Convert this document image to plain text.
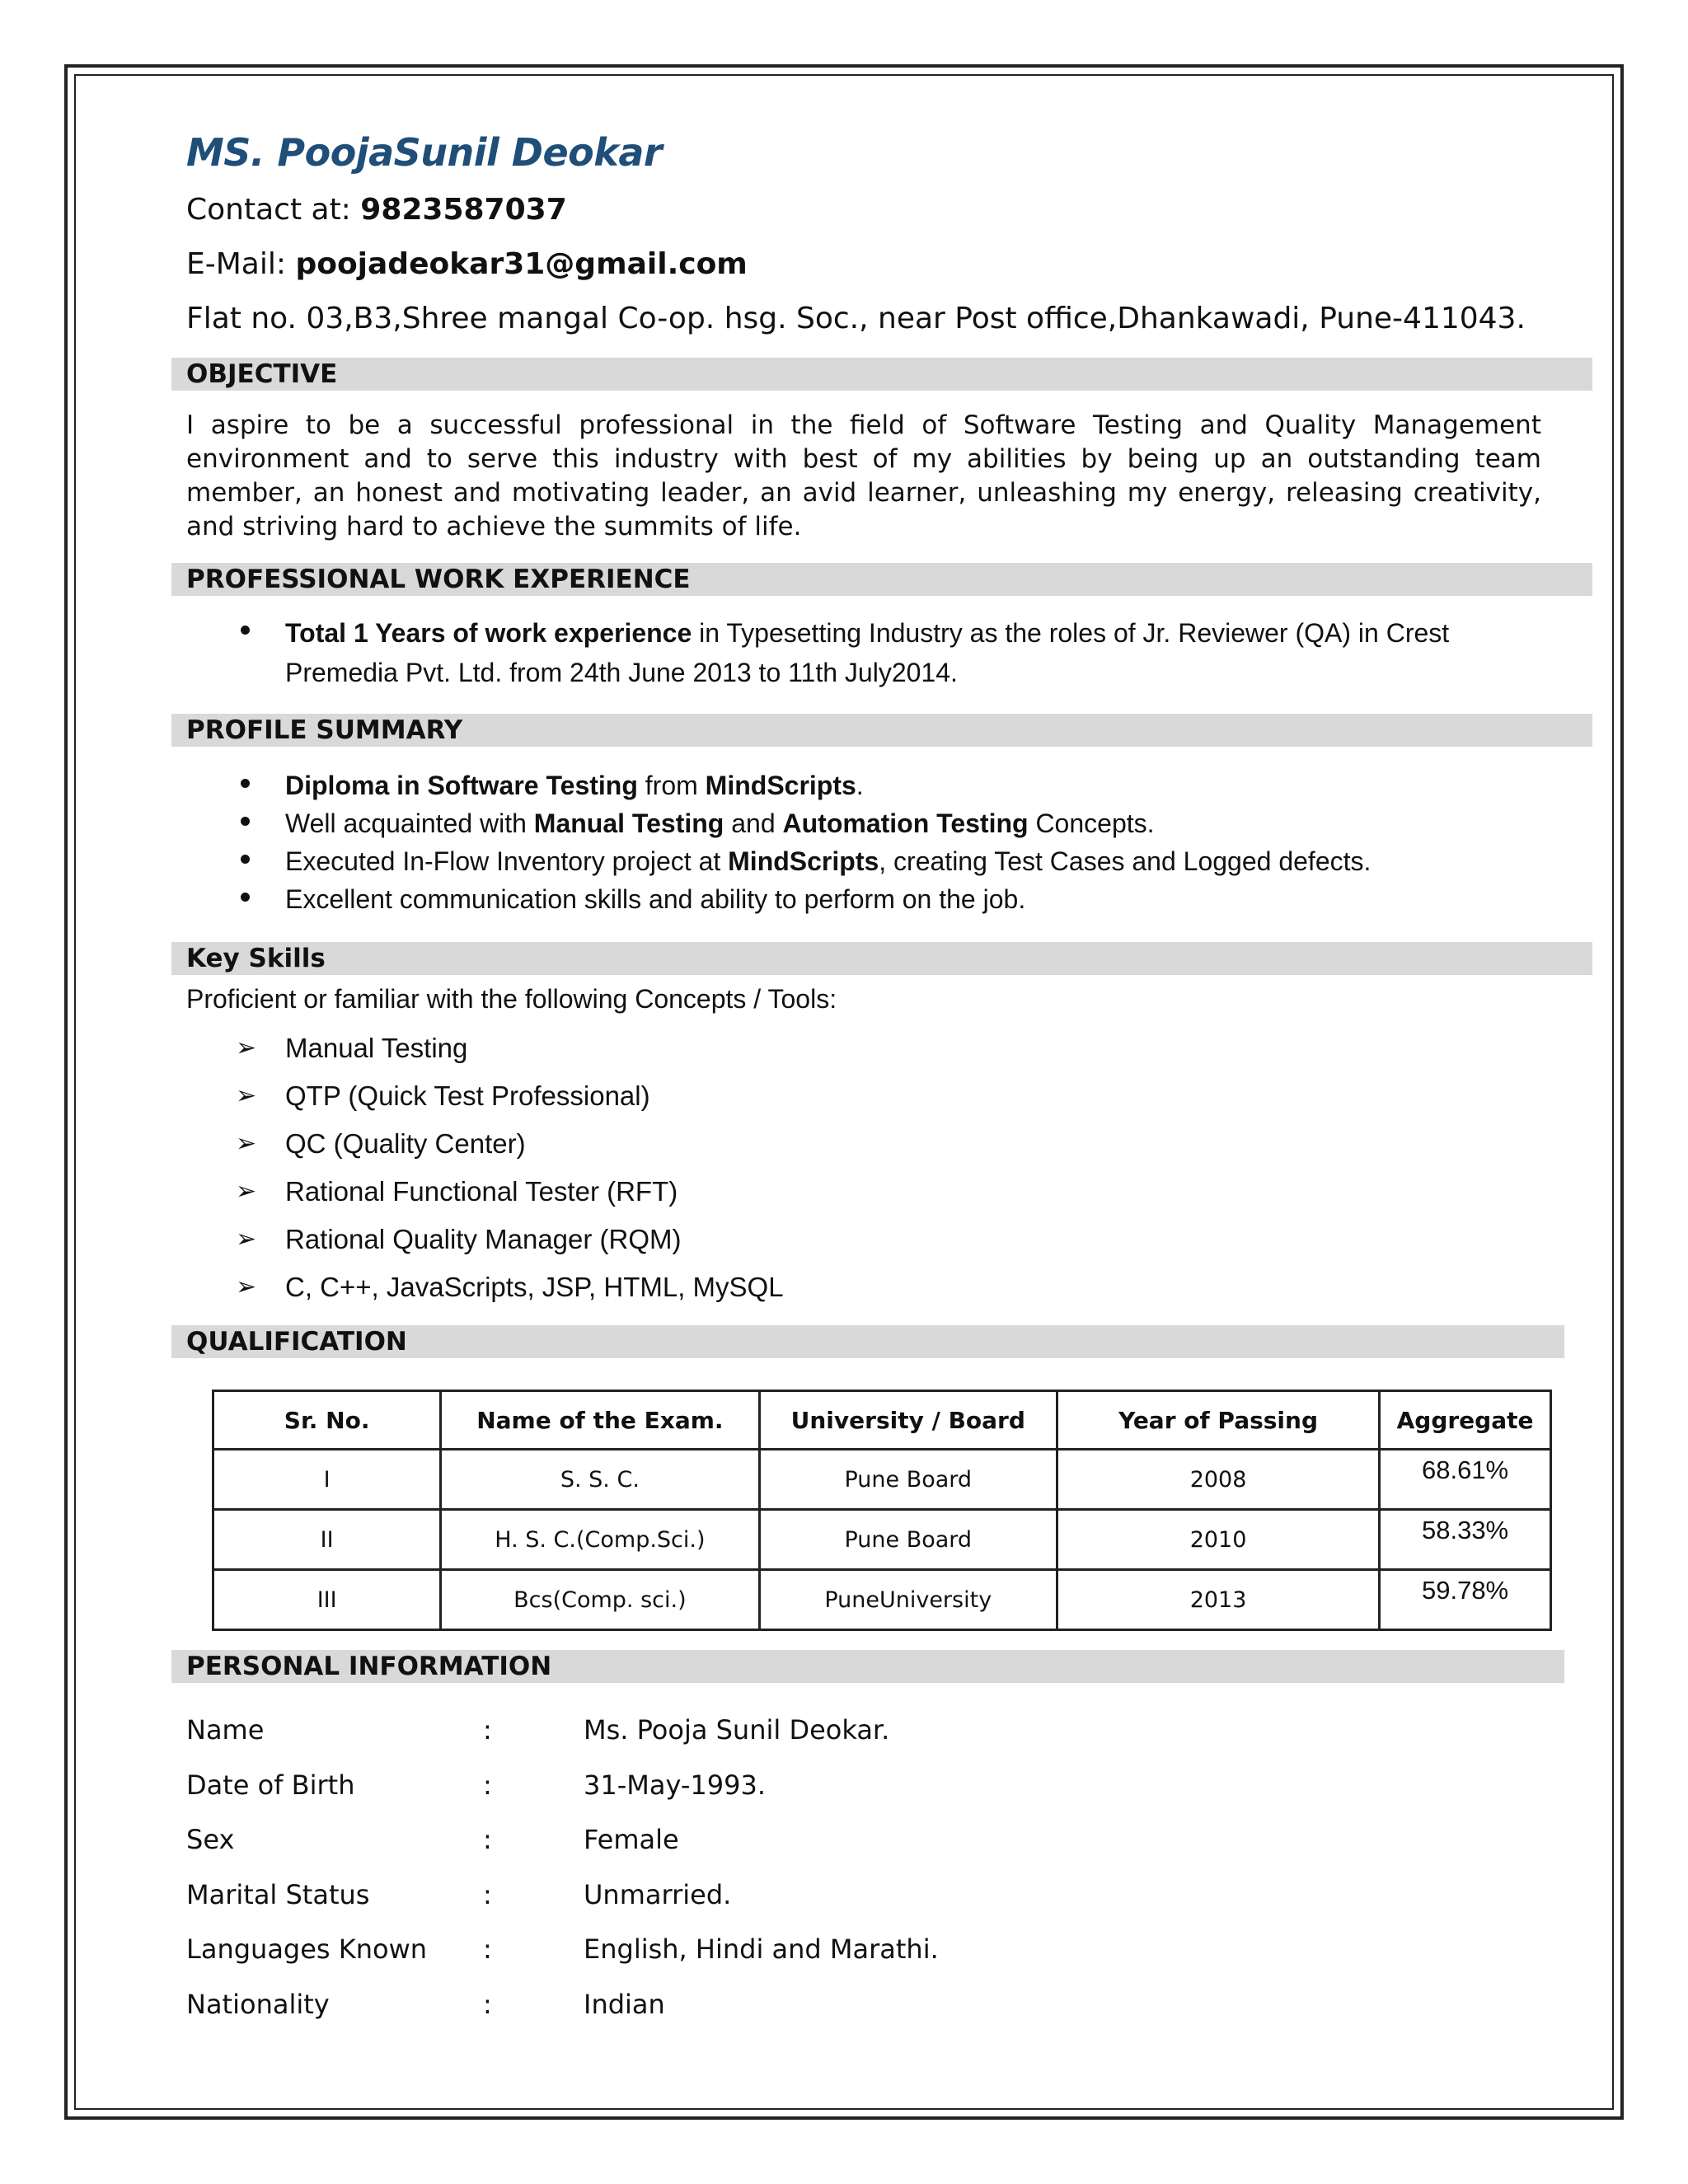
MS. PoojaSunil Deokar
Contact at: 9823587037
E-Mail: poojadeokar31@gmail.com
Flat no. 03,B3,Shree mangal Co-op. hsg. Soc., near Post office,Dhankawadi, Pune-411043.
OBJECTIVE
I aspire to be a successful professional in the field of Software Testing and Quality Management environment and to serve this industry with best of my abilities by being up an outstanding team member, an honest and motivating leader, an avid learner, unleashing my energy, releasing creativity, and striving hard to achieve the summits of life.
PROFESSIONAL WORK EXPERIENCE
Total 1 Years of work experience in Typesetting Industry as the roles of Jr. Reviewer (QA) in Crest Premedia Pvt. Ltd. from 24th June 2013 to 11th July2014.
PROFILE SUMMARY
Diploma in Software Testing from MindScripts.
Well acquainted with Manual Testing and Automation Testing Concepts.
Executed In-Flow Inventory project at MindScripts, creating Test Cases and Logged defects.
Excellent communication skills and ability to perform on the job.
Key Skills
Proficient or familiar with the following Concepts / Tools:
➢ Manual Testing
➢ QTP (Quick Test Professional)
➢ QC (Quality Center)
➢ Rational Functional Tester (RFT)
➢ Rational Quality Manager (RQM)
➢ C, C++, JavaScripts, JSP, HTML, MySQL
QUALIFICATION
Sr. No.	Name of the Exam.	University / Board	Year of Passing	Aggregate
I	S. S. C.	Pune Board	2008	68.61%
II	H. S. C.(Comp.Sci.)	Pune Board	2010	58.33%
III	Bcs(Comp. sci.)	PuneUniversity	2013	59.78%
PERSONAL INFORMATION
Name	:	Ms. Pooja Sunil Deokar.
Date of Birth	:	31-May-1993.
Sex	:	Female
Marital Status	:	Unmarried.
Languages Known :	English, Hindi and Marathi.
Nationality	:	Indian
